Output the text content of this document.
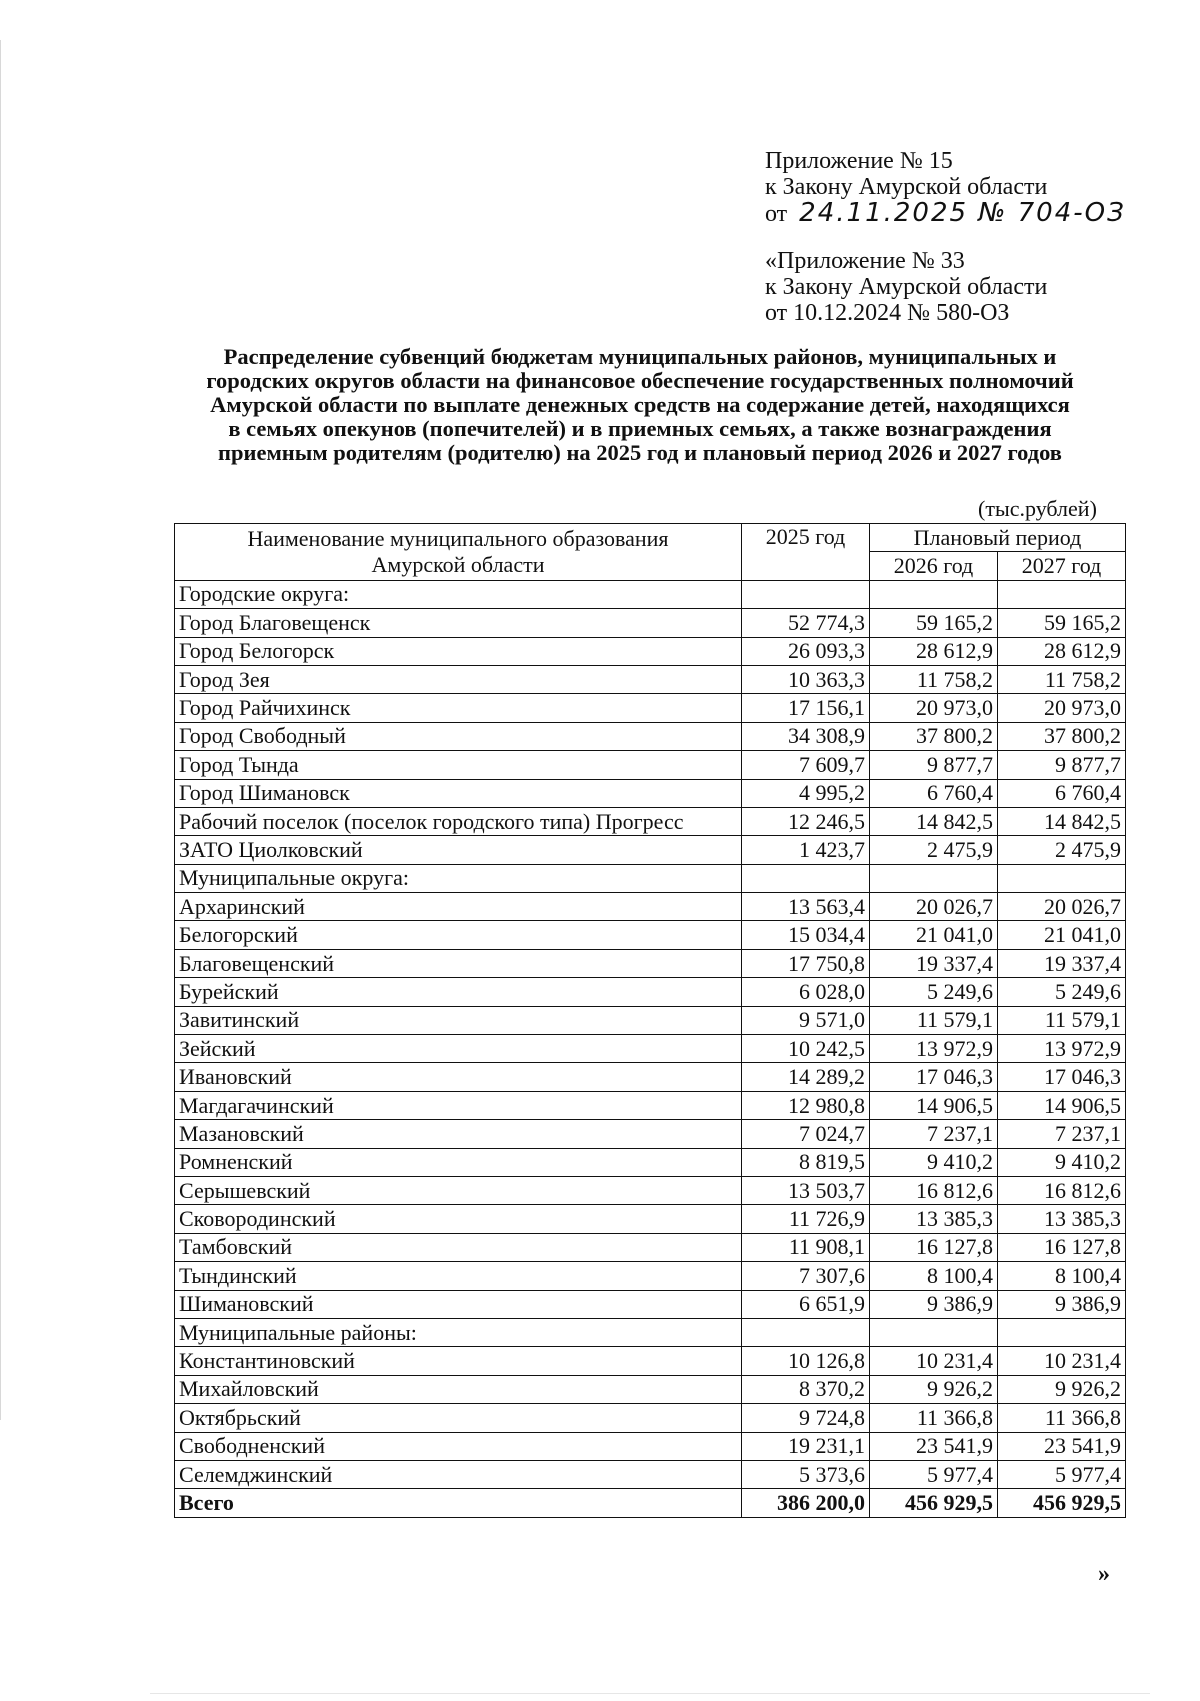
Приложение № 15
к Закону Амурской области
от 24.11.2025 № 704-ОЗ
«Приложение № 33
к Закону Амурской области
от 10.12.2024 № 580-ОЗ
Распределение субвенций бюджетам муниципальных районов, муниципальных и
городских округов области на финансовое обеспечение государственных полномочий
Амурской области по выплате денежных средств на содержание детей, находящихся
в семьях опекунов (попечителей) и в приемных семьях, а также вознаграждения
приемным родителям (родителю) на 2025 год и плановый период 2026 и 2027 годов
(тыс.рублей)
Наименование муниципального образования
Амурской области	2025 год	Плановый период	
		2026 год	2027 год
Городские округа:			
Город Благовещенск	52 774,3	59 165,2	59 165,2
Город Белогорск	26 093,3	28 612,9	28 612,9
Город Зея	10 363,3	11 758,2	11 758,2
Город Райчихинск	17 156,1	20 973,0	20 973,0
Город Свободный	34 308,9	37 800,2	37 800,2
Город Тында	7 609,7	9 877,7	9 877,7
Город Шимановск	4 995,2	6 760,4	6 760,4
Рабочий поселок (поселок городского типа) Прогресс	12 246,5	14 842,5	14 842,5
ЗАТО Циолковский	1 423,7	2 475,9	2 475,9
Муниципальные округа:			
Архаринский	13 563,4	20 026,7	20 026,7
Белогорский	15 034,4	21 041,0	21 041,0
Благовещенский	17 750,8	19 337,4	19 337,4
Бурейский	6 028,0	5 249,6	5 249,6
Завитинский	9 571,0	11 579,1	11 579,1
Зейский	10 242,5	13 972,9	13 972,9
Ивановский	14 289,2	17 046,3	17 046,3
Магдагачинский	12 980,8	14 906,5	14 906,5
Мазановский	7 024,7	7 237,1	7 237,1
Ромненский	8 819,5	9 410,2	9 410,2
Серышевский	13 503,7	16 812,6	16 812,6
Сковородинский	11 726,9	13 385,3	13 385,3
Тамбовский	11 908,1	16 127,8	16 127,8
Тындинский	7 307,6	8 100,4	8 100,4
Шимановский	6 651,9	9 386,9	9 386,9
Муниципальные районы:			
Константиновский	10 126,8	10 231,4	10 231,4
Михайловский	8 370,2	9 926,2	9 926,2
Октябрьский	9 724,8	11 366,8	11 366,8
Свободненский	19 231,1	23 541,9	23 541,9
Селемджинский	5 373,6	5 977,4	5 977,4
Всего	386 200,0	456 929,5	456 929,5
»
